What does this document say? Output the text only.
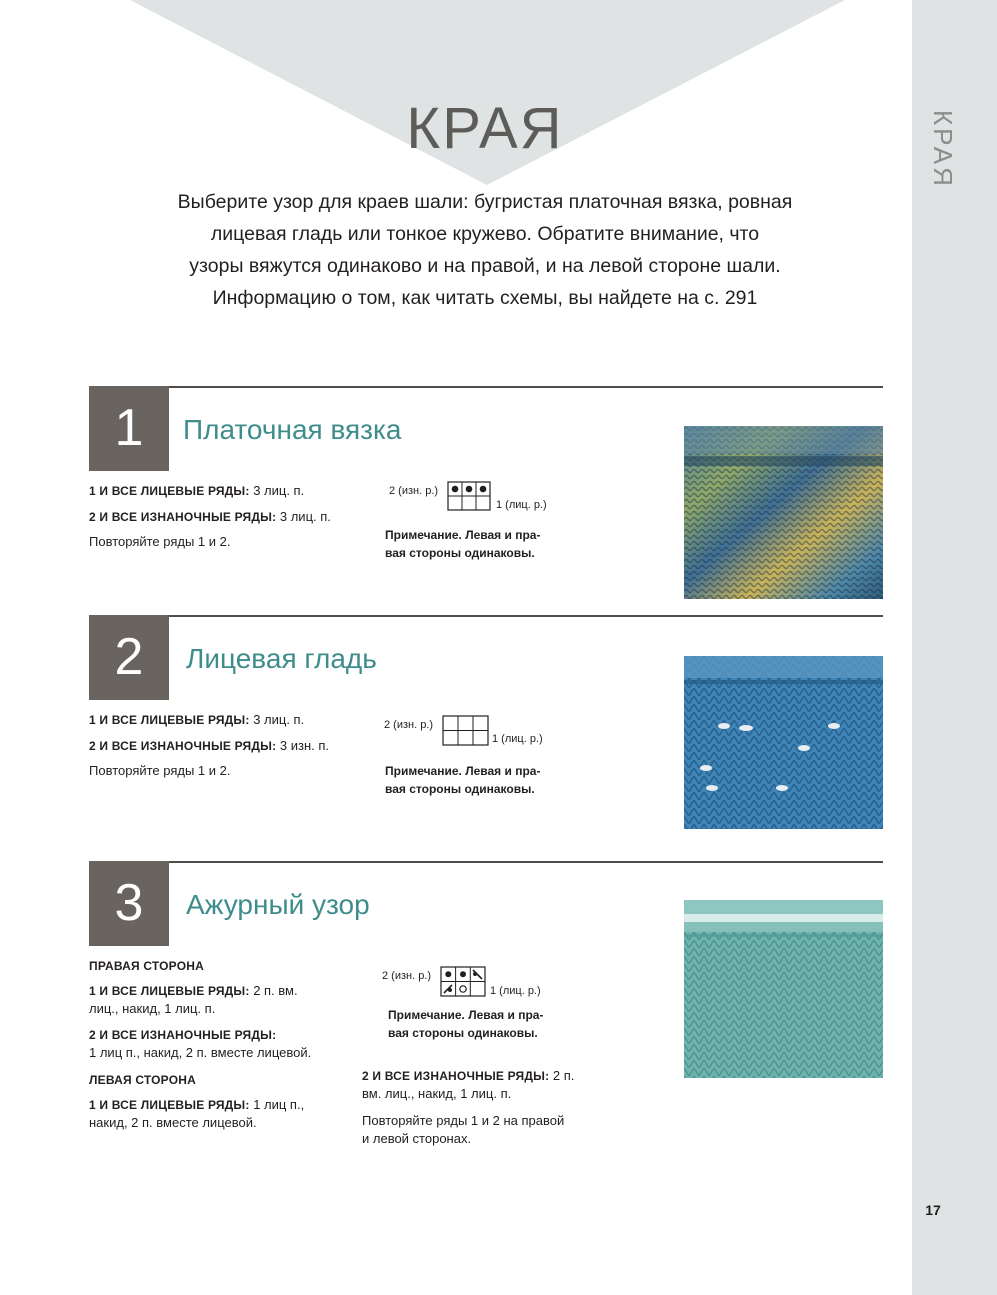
КРАЯ
17
КРАЯ

Выберите узор для краев шали: бугристая платочная вязка, ровная
лицевая гладь или тонкое кружево. Обратите внимание, что
узоры вяжутся одинаково и на правой, и на левой стороне шали.
Информацию о том, как читать схемы, вы найдете на с. 291

1	Платочная вязка
1 И ВСЕ ЛИЦЕВЫЕ РЯДЫ: 3 лиц. п.
2 И ВСЕ ИЗНАНОЧНЫЕ РЯДЫ: 3 лиц. п.
Повторяйте ряды 1 и 2.
2 (изн. р.)
1 (лиц. р.)
Примечание. Левая и пра-
вая стороны одинаковы.
2	Лицевая гладь
1 И ВСЕ ЛИЦЕВЫЕ РЯДЫ: 3 лиц. п.
2 И ВСЕ ИЗНАНОЧНЫЕ РЯДЫ: 3 изн. п.
Повторяйте ряды 1 и 2.
2 (изн. р.)
1 (лиц. р.)
Примечание. Левая и пра-
вая стороны одинаковы.
3	Ажурный узор
ПРАВАЯ СТОРОНА
1 И ВСЕ ЛИЦЕВЫЕ РЯДЫ: 2 п. вм.
лиц., накид, 1 лиц. п.
2 И ВСЕ ИЗНАНОЧНЫЕ РЯДЫ:
1 лиц п., накид, 2 п. вместе лицевой.
ЛЕВАЯ СТОРОНА
1 И ВСЕ ЛИЦЕВЫЕ РЯДЫ: 1 лиц п.,
накид, 2 п. вместе лицевой.
2 (изн. р.)
1 (лиц. р.)
Примечание. Левая и пра-
вая стороны одинаковы.
2 И ВСЕ ИЗНАНОЧНЫЕ РЯДЫ: 2 п.
вм. лиц., накид, 1 лиц. п.
Повторяйте ряды 1 и 2 на правой
и левой сторонах.
